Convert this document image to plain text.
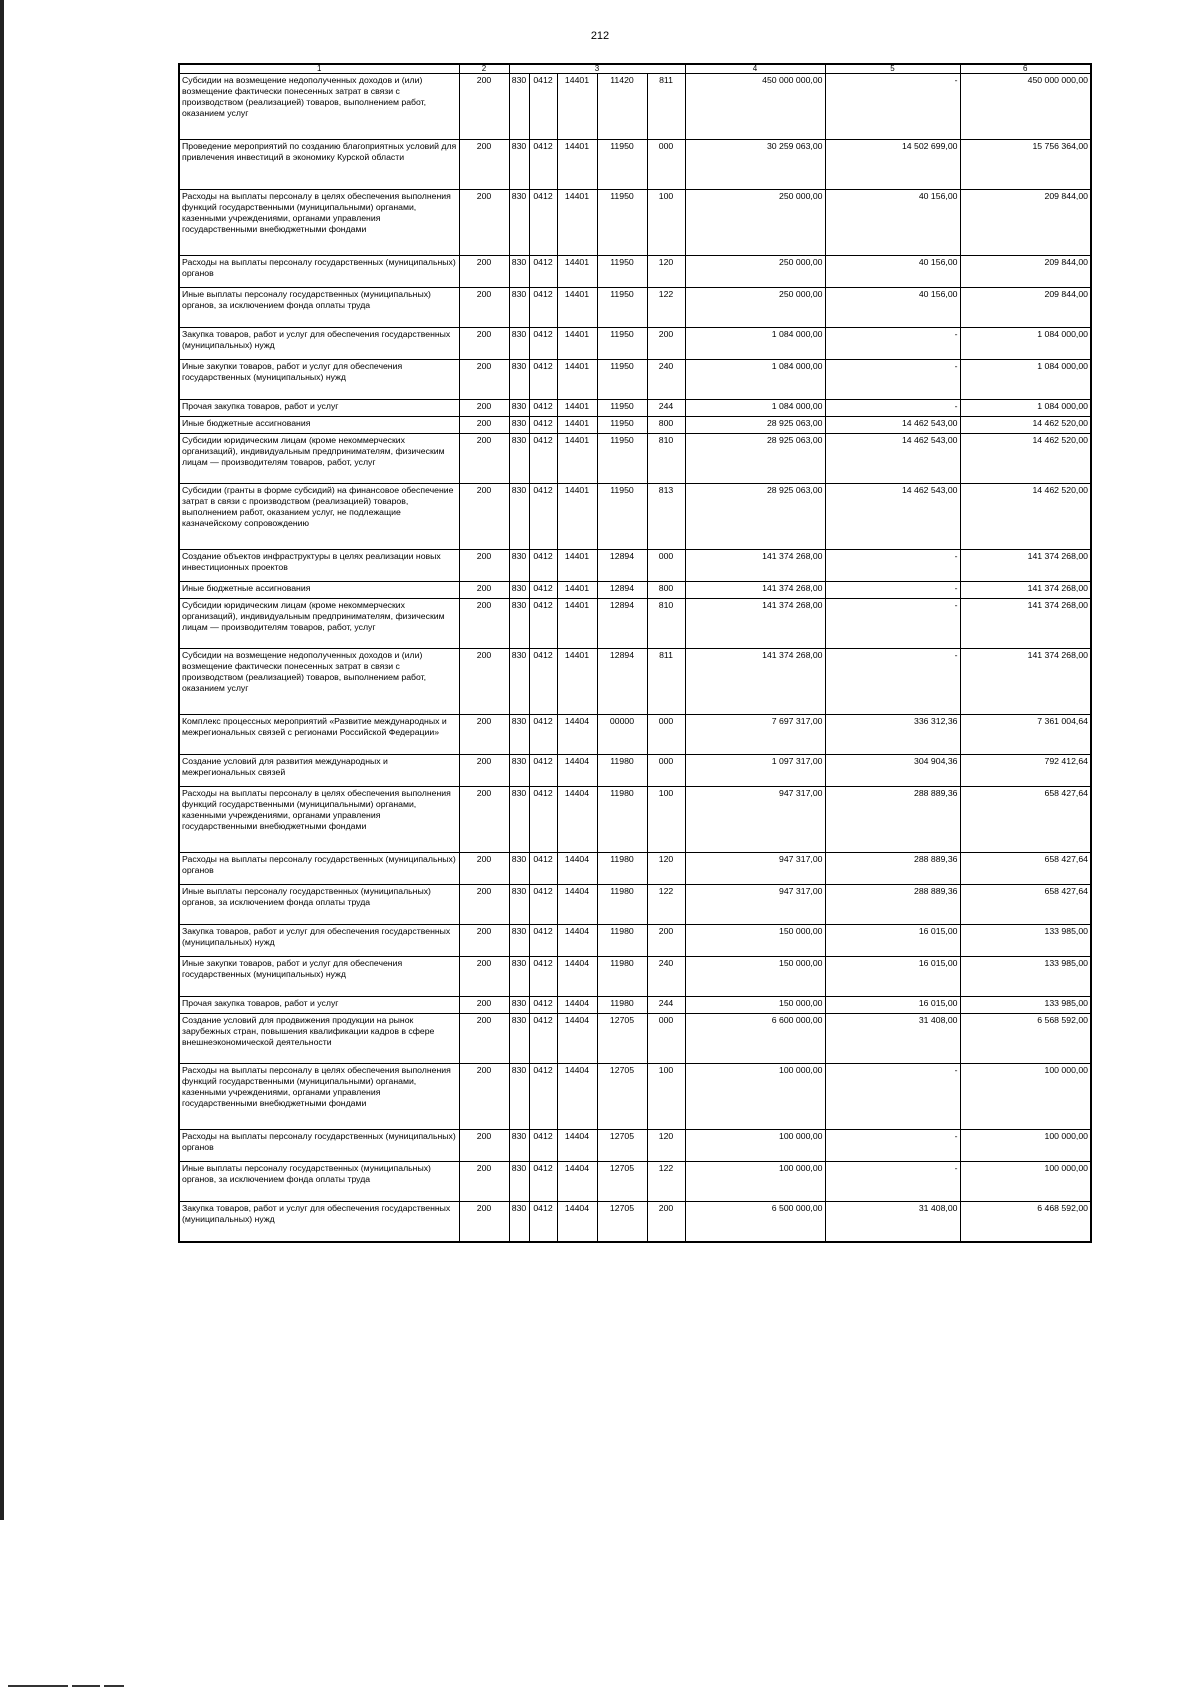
212
1	2	3					4	5	6
Субсидии на возмещение недополученных доходов и (или) возмещение фактически понесенных затрат в связи с производством (реализацией) товаров, выполнением работ, оказанием услуг	200	830	0412	14401	11420	811	450 000 000,00	-	450 000 000,00
Проведение мероприятий по созданию благоприятных условий для привлечения инвестиций в экономику Курской области	200	830	0412	14401	11950	000	30 259 063,00	14 502 699,00	15 756 364,00
Расходы на выплаты персоналу в целях обеспечения выполнения функций государственными (муниципальными) органами, казенными учреждениями, органами управления государственными внебюджетными фондами	200	830	0412	14401	11950	100	250 000,00	40 156,00	209 844,00
Расходы на выплаты персоналу государственных (муниципальных) органов	200	830	0412	14401	11950	120	250 000,00	40 156,00	209 844,00
Иные выплаты персоналу государственных (муниципальных) органов, за исключением фонда оплаты труда	200	830	0412	14401	11950	122	250 000,00	40 156,00	209 844,00
Закупка товаров, работ и услуг для обеспечения государственных (муниципальных) нужд	200	830	0412	14401	11950	200	1 084 000,00	-	1 084 000,00
Иные закупки товаров, работ и услуг для обеспечения государственных (муниципальных) нужд	200	830	0412	14401	11950	240	1 084 000,00	-	1 084 000,00
Прочая закупка товаров, работ и услуг	200	830	0412	14401	11950	244	1 084 000,00	-	1 084 000,00
Иные бюджетные ассигнования	200	830	0412	14401	11950	800	28 925 063,00	14 462 543,00	14 462 520,00
Субсидии юридическим лицам (кроме некоммерческих организаций), индивидуальным предпринимателям, физическим лицам — производителям товаров, работ, услуг	200	830	0412	14401	11950	810	28 925 063,00	14 462 543,00	14 462 520,00
Субсидии (гранты в форме субсидий) на финансовое обеспечение затрат в связи с производством (реализацией) товаров, выполнением работ, оказанием услуг, не подлежащие казначейскому сопровождению	200	830	0412	14401	11950	813	28 925 063,00	14 462 543,00	14 462 520,00
Создание объектов инфраструктуры в целях реализации новых инвестиционных проектов	200	830	0412	14401	12894	000	141 374 268,00	-	141 374 268,00
Иные бюджетные ассигнования	200	830	0412	14401	12894	800	141 374 268,00	-	141 374 268,00
Субсидии юридическим лицам (кроме некоммерческих организаций), индивидуальным предпринимателям, физическим лицам — производителям товаров, работ, услуг	200	830	0412	14401	12894	810	141 374 268,00	-	141 374 268,00
Субсидии на возмещение недополученных доходов и (или) возмещение фактически понесенных затрат в связи с производством (реализацией) товаров, выполнением работ, оказанием услуг	200	830	0412	14401	12894	811	141 374 268,00	-	141 374 268,00
Комплекс процессных мероприятий «Развитие международных и межрегиональных связей с регионами Российской Федерации»	200	830	0412	14404	00000	000	7 697 317,00	336 312,36	7 361 004,64
Создание условий для развития международных и межрегиональных связей	200	830	0412	14404	11980	000	1 097 317,00	304 904,36	792 412,64
Расходы на выплаты персоналу в целях обеспечения выполнения функций государственными (муниципальными) органами, казенными учреждениями, органами управления государственными внебюджетными фондами	200	830	0412	14404	11980	100	947 317,00	288 889,36	658 427,64
Расходы на выплаты персоналу государственных (муниципальных) органов	200	830	0412	14404	11980	120	947 317,00	288 889,36	658 427,64
Иные выплаты персоналу государственных (муниципальных) органов, за исключением фонда оплаты труда	200	830	0412	14404	11980	122	947 317,00	288 889,36	658 427,64
Закупка товаров, работ и услуг для обеспечения государственных (муниципальных) нужд	200	830	0412	14404	11980	200	150 000,00	16 015,00	133 985,00
Иные закупки товаров, работ и услуг для обеспечения государственных (муниципальных) нужд	200	830	0412	14404	11980	240	150 000,00	16 015,00	133 985,00
Прочая закупка товаров, работ и услуг	200	830	0412	14404	11980	244	150 000,00	16 015,00	133 985,00
Создание условий для продвижения продукции на рынок зарубежных стран, повышения квалификации кадров в сфере внешнеэкономической деятельности	200	830	0412	14404	12705	000	6 600 000,00	31 408,00	6 568 592,00
Расходы на выплаты персоналу в целях обеспечения выполнения функций государственными (муниципальными) органами, казенными учреждениями, органами управления государственными внебюджетными фондами	200	830	0412	14404	12705	100	100 000,00	-	100 000,00
Расходы на выплаты персоналу государственных (муниципальных) органов	200	830	0412	14404	12705	120	100 000,00	-	100 000,00
Иные выплаты персоналу государственных (муниципальных) органов, за исключением фонда оплаты труда	200	830	0412	14404	12705	122	100 000,00	-	100 000,00
Закупка товаров, работ и услуг для обеспечения государственных (муниципальных) нужд	200	830	0412	14404	12705	200	6 500 000,00	31 408,00	6 468 592,00
